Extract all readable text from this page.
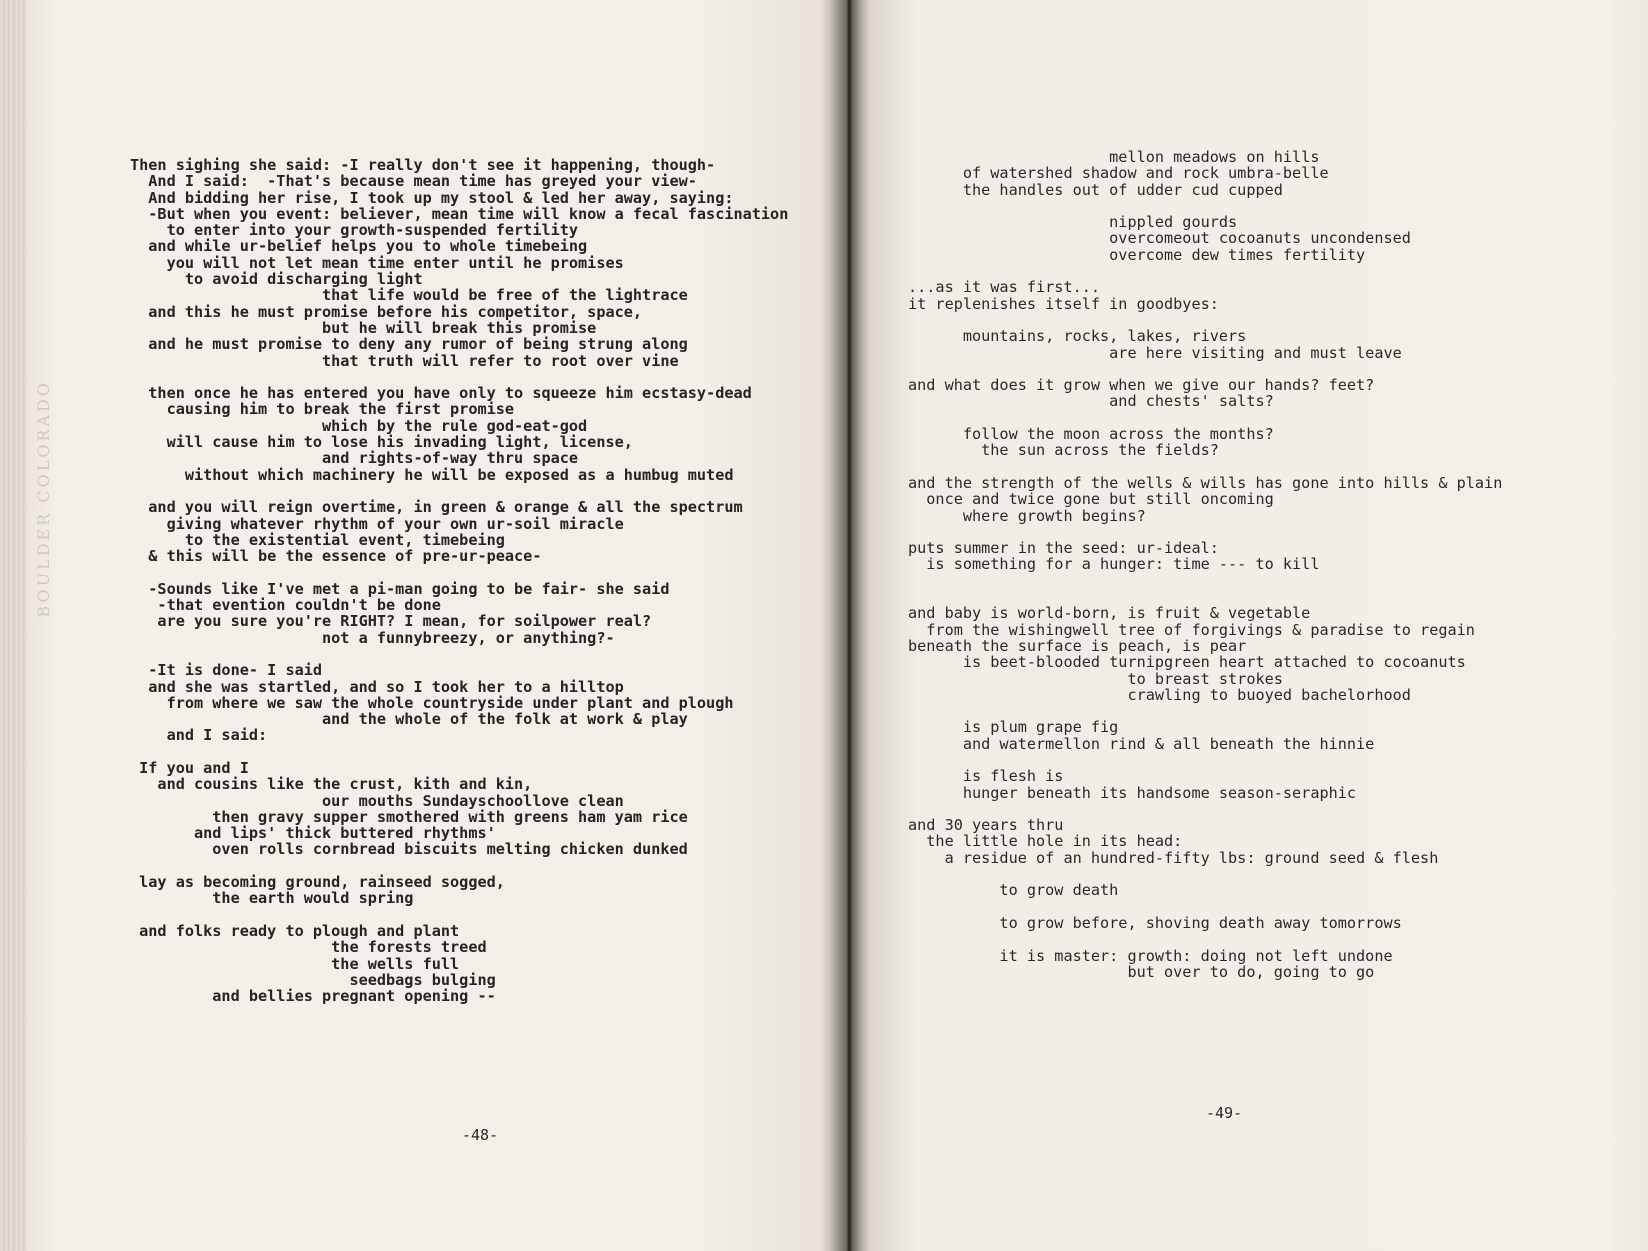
BOULDER COLORADO
Then sighing she said: -I really don't see it happening, though-
And I said:  -That's because mean time has greyed your view-
And bidding her rise, I took up my stool & led her away, saying:
-But when you event: believer, mean time will know a fecal fascination
to enter into your growth-suspended fertility
and while ur-belief helps you to whole timebeing
you will not let mean time enter until he promises
to avoid discharging light
that life would be free of the lightrace
and this he must promise before his competitor, space,
but he will break this promise
and he must promise to deny any rumor of being strung along
that truth will refer to root over vine

then once he has entered you have only to squeeze him ecstasy-dead
causing him to break the first promise
which by the rule god-eat-god
will cause him to lose his invading light, license,
and rights-of-way thru space
without which machinery he will be exposed as a humbug muted

and you will reign overtime, in green & orange & all the spectrum
giving whatever rhythm of your own ur-soil miracle
to the existential event, timebeing
& this will be the essence of pre-ur-peace-

-Sounds like I've met a pi-man going to be fair- she said
-that evention couldn't be done
are you sure you're RIGHT? I mean, for soilpower real?
not a funnybreezy, or anything?-

-It is done- I said
and she was startled, and so I took her to a hilltop
from where we saw the whole countryside under plant and plough
and the whole of the folk at work & play
and I said:

If you and I
and cousins like the crust, kith and kin,
our mouths Sundayschoollove clean
then gravy supper smothered with greens ham yam rice
and lips' thick buttered rhythms'
oven rolls cornbread biscuits melting chicken dunked

lay as becoming ground, rainseed sogged,
the earth would spring

and folks ready to plough and plant
the forests treed
the wells full
seedbags bulging
and bellies pregnant opening --
-48-
mellon meadows on hills
of watershed shadow and rock umbra-belle
the handles out of udder cud cupped

nippled gourds
overcomeout cocoanuts uncondensed
overcome dew times fertility

...as it was first...
it replenishes itself in goodbyes:

mountains, rocks, lakes, rivers
are here visiting and must leave

and what does it grow when we give our hands? feet?
and chests' salts?

follow the moon across the months?
the sun across the fields?

and the strength of the wells & wills has gone into hills & plain
once and twice gone but still oncoming
where growth begins?

puts summer in the seed: ur-ideal:
is something for a hunger: time --- to kill

and baby is world-born, is fruit & vegetable
from the wishingwell tree of forgivings & paradise to regain
beneath the surface is peach, is pear
is beet-blooded turnipgreen heart attached to cocoanuts
to breast strokes
crawling to buoyed bachelorhood

is plum grape fig
and watermellon rind & all beneath the hinnie

is flesh is
hunger beneath its handsome season-seraphic

and 30 years thru
the little hole in its head:
a residue of an hundred-fifty lbs: ground seed & flesh

to grow death

to grow before, shoving death away tomorrows

it is master: growth: doing not left undone
but over to do, going to go
-49-
